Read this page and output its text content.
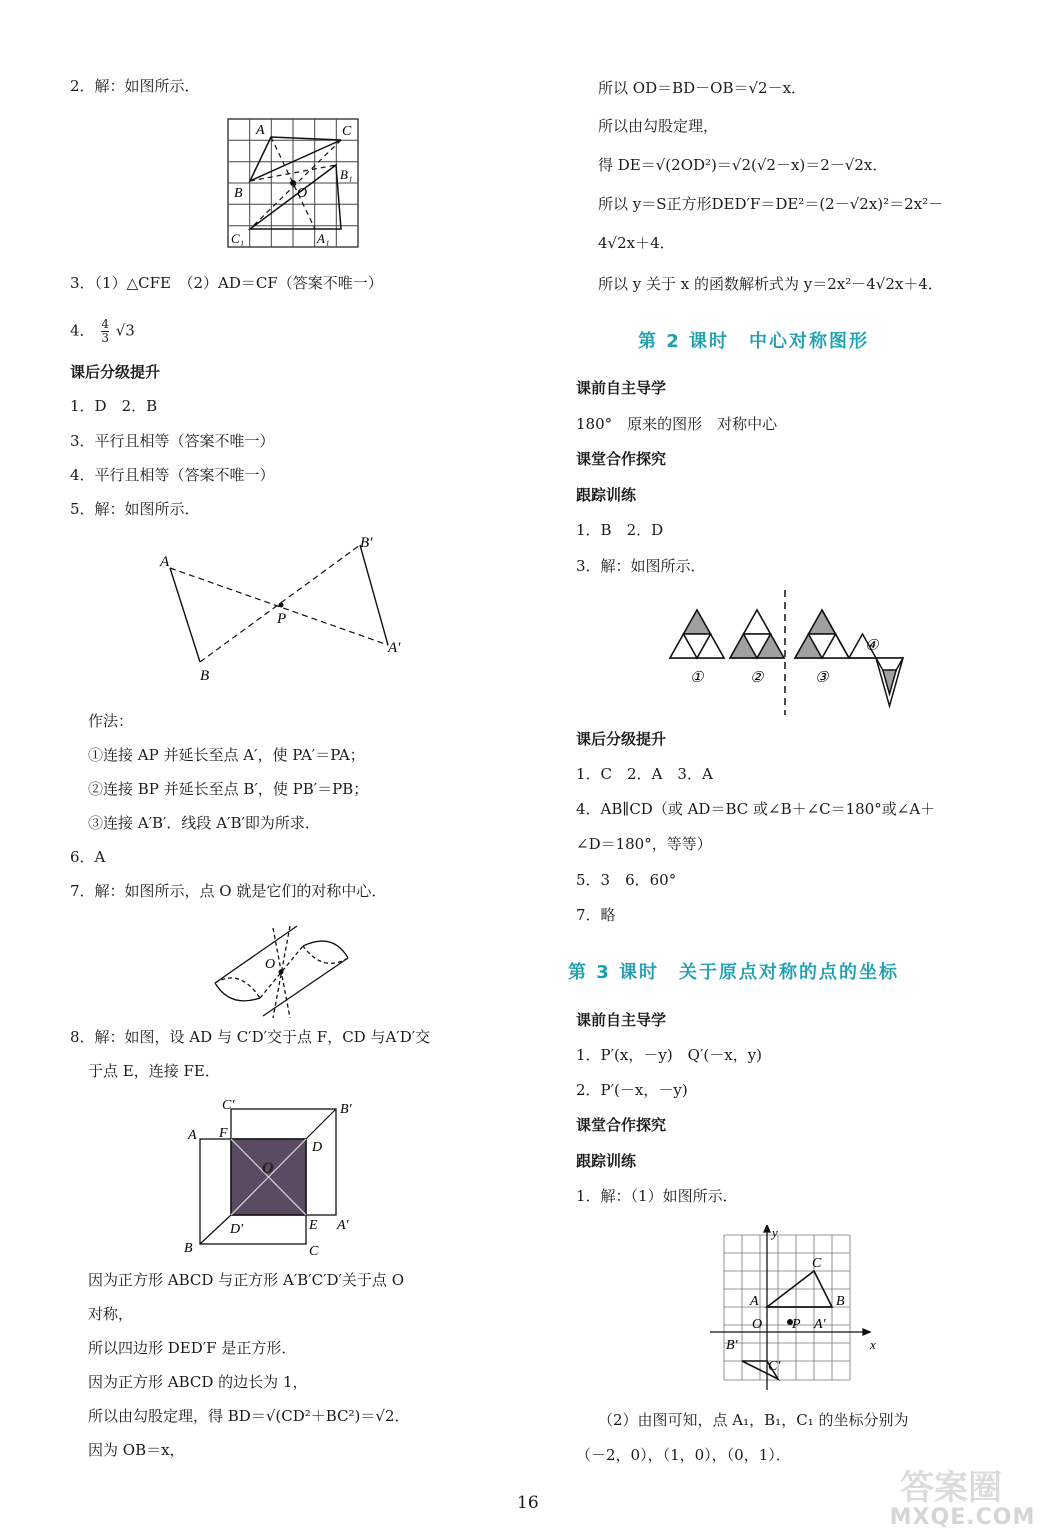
2．解：如图所示．
A	C
B	O
B₁
C₁	A₁
3．（1）△CFE　（2）AD＝CF（答案不唯一）
4． $\frac{4}{3} √3$
课后分级提升
1．D　2．B
3．平行且相等（答案不唯一）
4．平行且相等（答案不唯一）
5．解：如图所示．
A
B′
P
A′
B
作法：
①连接 AP 并延长至点 A′，使 PA′＝PA；
②连接 BP 并延长至点 B′，使 PB′＝PB；
③连接 A′B′．线段 A′B′即为所求．
6．A
7．解：如图所示，点 O 就是它们的对称中心．
O
8．解：如图，设 AD 与 C′D′交于点 F，CD 与A′D′交
于点 E，连接 FE．
C′	B′
A F
D
O
D′	E A′
B	C
因为正方形 ABCD 与正方形 A′B′C′D′关于点 O
对称，
所以四边形 DED′F 是正方形．
因为正方形 ABCD 的边长为 1，
所以由勾股定理，得 BD＝√(CD²＋BC²)＝√2．
因为 OB＝x，
所以 OD＝BD－OB＝√2－x．
所以由勾股定理，
得 DE＝√(2OD²)＝√2(√2－x)＝2－√2x．
所以 y＝S正方形DED′F＝DE²＝(2－√2x)²＝2x²－
4√2x＋4．
所以 y 关于 x 的函数解析式为 y＝2x²－4√2x＋4．
第 2 课时　中心对称图形
课前自主导学
180°　原来的图形　对称中心
课堂合作探究
跟踪训练
1．B　2．D
3．解：如图所示．
①	②	③
④
课后分级提升
1．C　2．A　3．A
4．AB∥CD（或 AD＝BC 或∠B＋∠C＝180°或∠A＋
∠D＝180°，等等）
5．3　6．60°
7．略
第 3 课时　关于原点对称的点的坐标
课前自主导学
1．P′(x，－y)　Q′(－x，y)
2．P′(－x，－y)
课堂合作探究
跟踪训练
1．解：（1）如图所示．
y
x
C
A	B
O P A′
B′
C′
（2）由图可知，点 A₁，B₁，C₁ 的坐标分别为
（－2，0），（1，0），（0，1）．
16	答案圈
MXQE.COM
